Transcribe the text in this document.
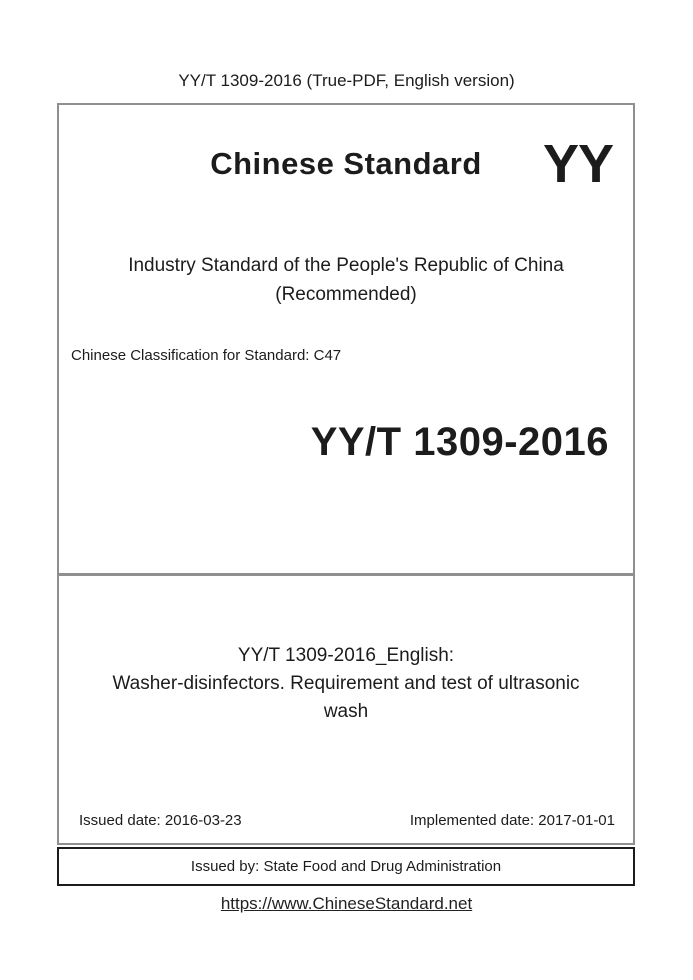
YY/T 1309-2016 (True-PDF, English version)
Chinese Standard	YY
Industry Standard of the People's Republic of China
(Recommended)
Chinese Classification for Standard: C47
YY/T 1309-2016
YY/T 1309-2016_English:
Washer-disinfectors. Requirement and test of ultrasonic
wash
Issued date: 2016-03-23	Implemented date: 2017-01-01
Issued by: State Food and Drug Administration
https://www.ChineseStandard.net
